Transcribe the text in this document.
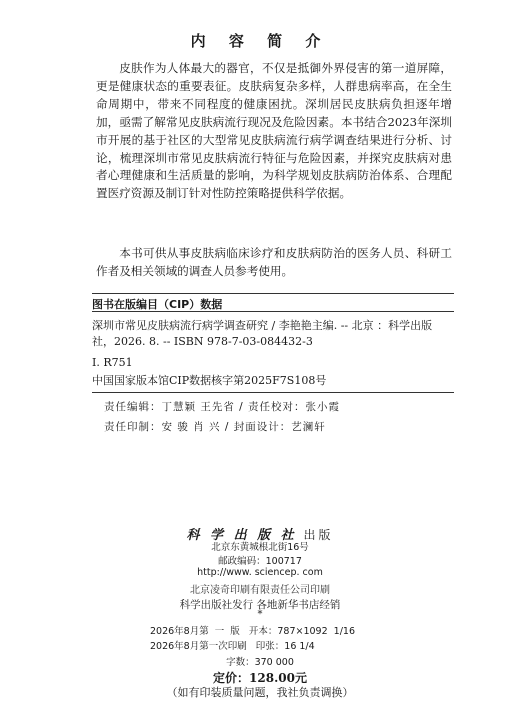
内 容 简 介

皮肤作为人体最大的器官，不仅是抵御外界侵害的第一道屏障，更是健康状态的重要表征。皮肤病复杂多样，人群患病率高，在全生命周期中，带来不同程度的健康困扰。深圳居民皮肤病负担逐年增加，亟需了解常见皮肤病流行现况及危险因素。本书结合2023年深圳市开展的基于社区的大型常见皮肤病流行病学调查结果进行分析、讨论，梳理深圳市常见皮肤病流行特征与危险因素，并探究皮肤病对患者心理健康和生活质量的影响，为科学规划皮肤病防治体系、合理配置医疗资源及制订针对性防控策略提供科学依据。

本书可供从事皮肤病临床诊疗和皮肤病防治的医务人员、科研工作者及相关领域的调查人员参考使用。

图书在版编目（CIP）数据
深圳市常见皮肤病流行病学调查研究 / 李艳艳主编. -- 北京 ：科学出版社，2026. 8. -- ISBN 978-7-03-084432-3
Ⅰ. R751
中国国家版本馆CIP数据核字第2025F7S108号
责任编辑：丁慧颖 王先省 / 责任校对：张小霞
责任印制：安 骏 肖 兴 / 封面设计：艺澜轩
科 学 出 版 社 出版
北京东黄城根北街16号
邮政编码：100717
http://www. sciencep. com
北京凌奇印刷有限责任公司印刷
科学出版社发行 各地新华书店经销
*
2026年8月第  一  版   开本：787×1092  1/16
2026年8月第一次印刷   印张：16 1/4
字数：370 000
定价：128.00元
（如有印装质量问题，我社负责调换）
